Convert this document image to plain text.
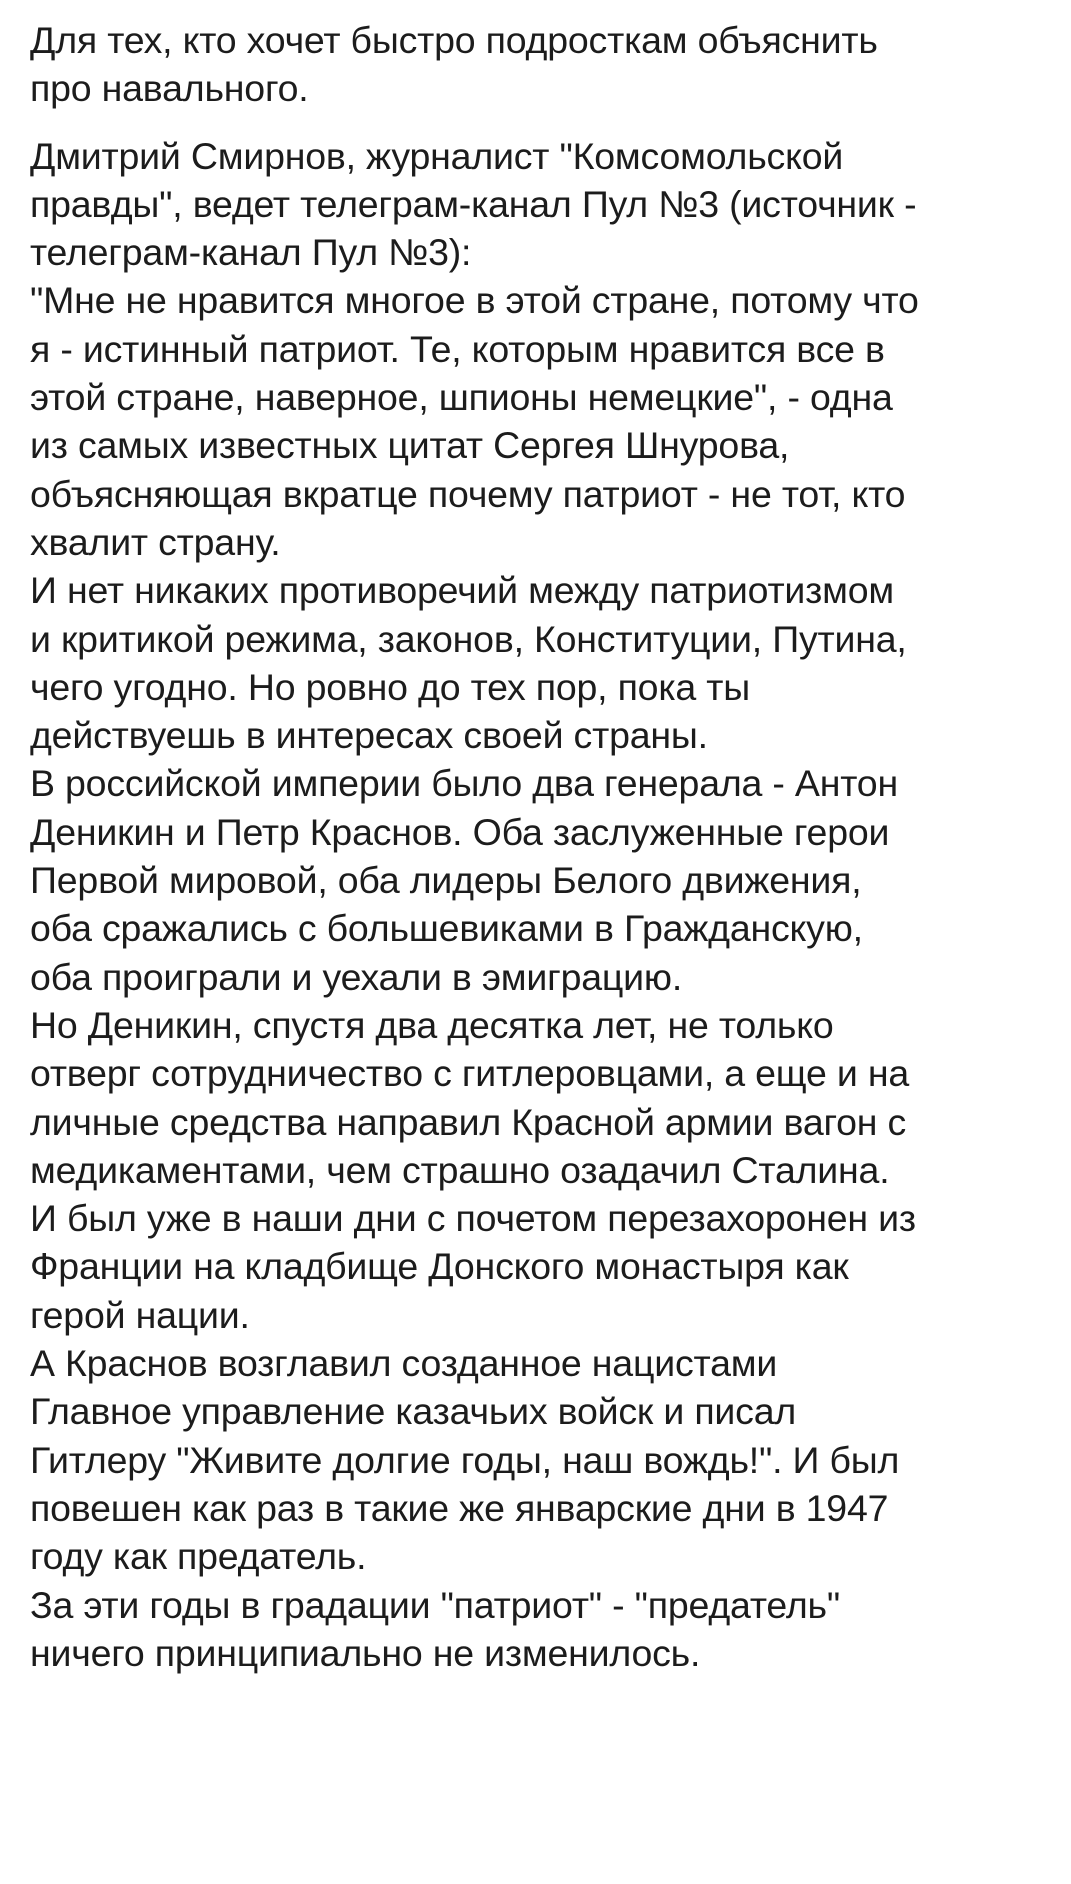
Для тех, кто хочет быстро подросткам объяснить
про навального.

Дмитрий Смирнов, журналист "Комсомольской
правды", ведет телеграм-канал Пул №3 (источник -
телеграм-канал Пул №3):
"Мне не нравится многое в этой стране, потому что
я - истинный патриот. Те, которым нравится все в
этой стране, наверное, шпионы немецкие", - одна
из самых известных цитат Сергея Шнурова,
объясняющая вкратце почему патриот - не тот, кто
хвалит страну.
И нет никаких противоречий между патриотизмом
и критикой режима, законов, Конституции, Путина,
чего угодно. Но ровно до тех пор, пока ты
действуешь в интересах своей страны.
В российской империи было два генерала - Антон
Деникин и Петр Краснов. Оба заслуженные герои
Первой мировой, оба лидеры Белого движения,
оба сражались с большевиками в Гражданскую,
оба проиграли и уехали в эмиграцию.
Но Деникин, спустя два десятка лет, не только
отверг сотрудничество с гитлеровцами, а еще и на
личные средства направил Красной армии вагон с
медикаментами, чем страшно озадачил Сталина.
И был уже в наши дни с почетом перезахоронен из
Франции на кладбище Донского монастыря как
герой нации.
А Краснов возглавил созданное нацистами
Главное управление казачьих войск и писал
Гитлеру "Живите долгие годы, наш вождь!". И был
повешен как раз в такие же январские дни в 1947
году как предатель.
За эти годы в градации "патриот" - "предатель"
ничего принципиально не изменилось.
